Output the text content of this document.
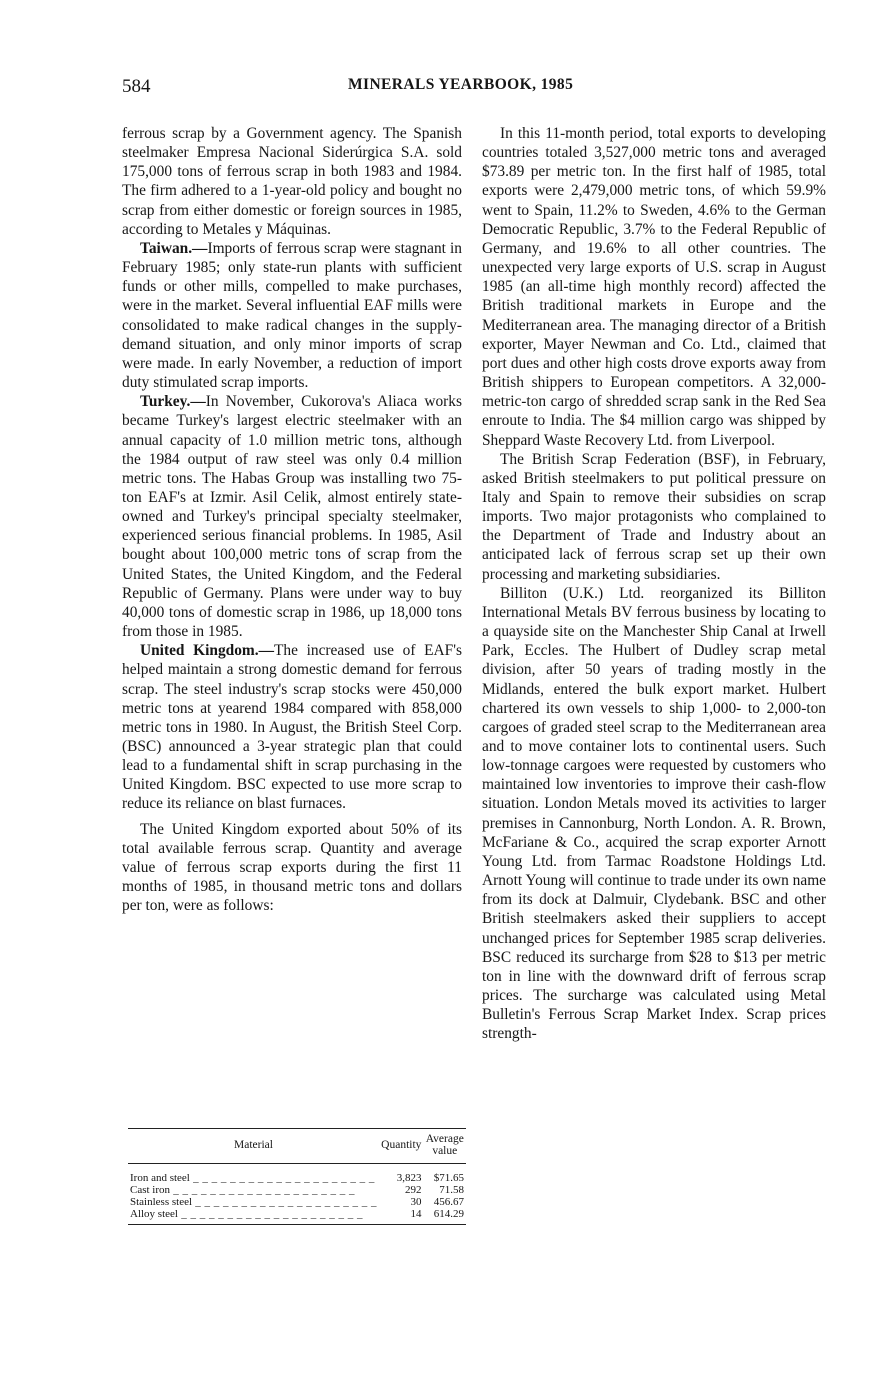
584	MINERALS YEARBOOK, 1985

ferrous scrap by a Government agency. The Spanish steelmaker Empresa Nacional Siderúrgica S.A. sold 175,000 tons of ferrous scrap in both 1983 and 1984. The firm adhered to a 1-year-old policy and bought no scrap from either domestic or foreign sources in 1985, according to Metales y Máquinas.

Taiwan.—Imports of ferrous scrap were stagnant in February 1985; only state-run plants with sufficient funds or other mills, compelled to make purchases, were in the market. Several influential EAF mills were consolidated to make radical changes in the supply-demand situation, and only minor imports of scrap were made. In early November, a reduction of import duty stimulated scrap imports.

Turkey.—In November, Cukorova's Aliaca works became Turkey's largest electric steelmaker with an annual capacity of 1.0 million metric tons, although the 1984 output of raw steel was only 0.4 million metric tons. The Habas Group was installing two 75-ton EAF's at Izmir. Asil Celik, almost entirely state-owned and Turkey's principal specialty steelmaker, experienced serious financial problems. In 1985, Asil bought about 100,000 metric tons of scrap from the United States, the United Kingdom, and the Federal Republic of Germany. Plans were under way to buy 40,000 tons of domestic scrap in 1986, up 18,000 tons from those in 1985.

United Kingdom.—The increased use of EAF's helped maintain a strong domestic demand for ferrous scrap. The steel industry's scrap stocks were 450,000 metric tons at yearend 1984 compared with 858,000 metric tons in 1980. In August, the British Steel Corp. (BSC) announced a 3-year strategic plan that could lead to a fundamental shift in scrap purchasing in the United Kingdom. BSC expected to use more scrap to reduce its reliance on blast furnaces.

The United Kingdom exported about 50% of its total available ferrous scrap. Quantity and average value of ferrous scrap exports during the first 11 months of 1985, in thousand metric tons and dollars per ton, were as follows:

Material	Quantity	Average
value
Iron and steel _ _ _	3,823	$71.65
Cast iron _ _ _	292	71.58
Stainless steel _ _ _	30	456.67
Alloy steel _ _ _	14	614.29

In this 11-month period, total exports to developing countries totaled 3,527,000 metric tons and averaged $73.89 per metric ton. In the first half of 1985, total exports were 2,479,000 metric tons, of which 59.9% went to Spain, 11.2% to Sweden, 4.6% to the German Democratic Republic, 3.7% to the Federal Republic of Germany, and 19.6% to all other countries. The unexpected very large exports of U.S. scrap in August 1985 (an all-time high monthly record) affected the British traditional markets in Europe and the Mediterranean area. The managing director of a British exporter, Mayer Newman and Co. Ltd., claimed that port dues and other high costs drove exports away from British shippers to European competitors. A 32,000-metric-ton cargo of shredded scrap sank in the Red Sea enroute to India. The $4 million cargo was shipped by Sheppard Waste Recovery Ltd. from Liverpool.

The British Scrap Federation (BSF), in February, asked British steelmakers to put political pressure on Italy and Spain to remove their subsidies on scrap imports. Two major protagonists who complained to the Department of Trade and Industry about an anticipated lack of ferrous scrap set up their own processing and marketing subsidiaries.

Billiton (U.K.) Ltd. reorganized its Billiton International Metals BV ferrous business by locating to a quayside site on the Manchester Ship Canal at Irwell Park, Eccles. The Hulbert of Dudley scrap metal division, after 50 years of trading mostly in the Midlands, entered the bulk export market. Hulbert chartered its own vessels to ship 1,000- to 2,000-ton cargoes of graded steel scrap to the Mediterranean area and to move container lots to continental users. Such low-tonnage cargoes were requested by customers who maintained low inventories to improve their cash-flow situation. London Metals moved its activities to larger premises in Cannonburg, North London. A. R. Brown, McFariane & Co., acquired the scrap exporter Arnott Young Ltd. from Tarmac Roadstone Holdings Ltd. Arnott Young will continue to trade under its own name from its dock at Dalmuir, Clydebank. BSC and other British steelmakers asked their suppliers to accept unchanged prices for September 1985 scrap deliveries. BSC reduced its surcharge from $28 to $13 per metric ton in line with the downward drift of ferrous scrap prices. The surcharge was calculated using Metal Bulletin's Ferrous Scrap Market Index. Scrap prices strength-
